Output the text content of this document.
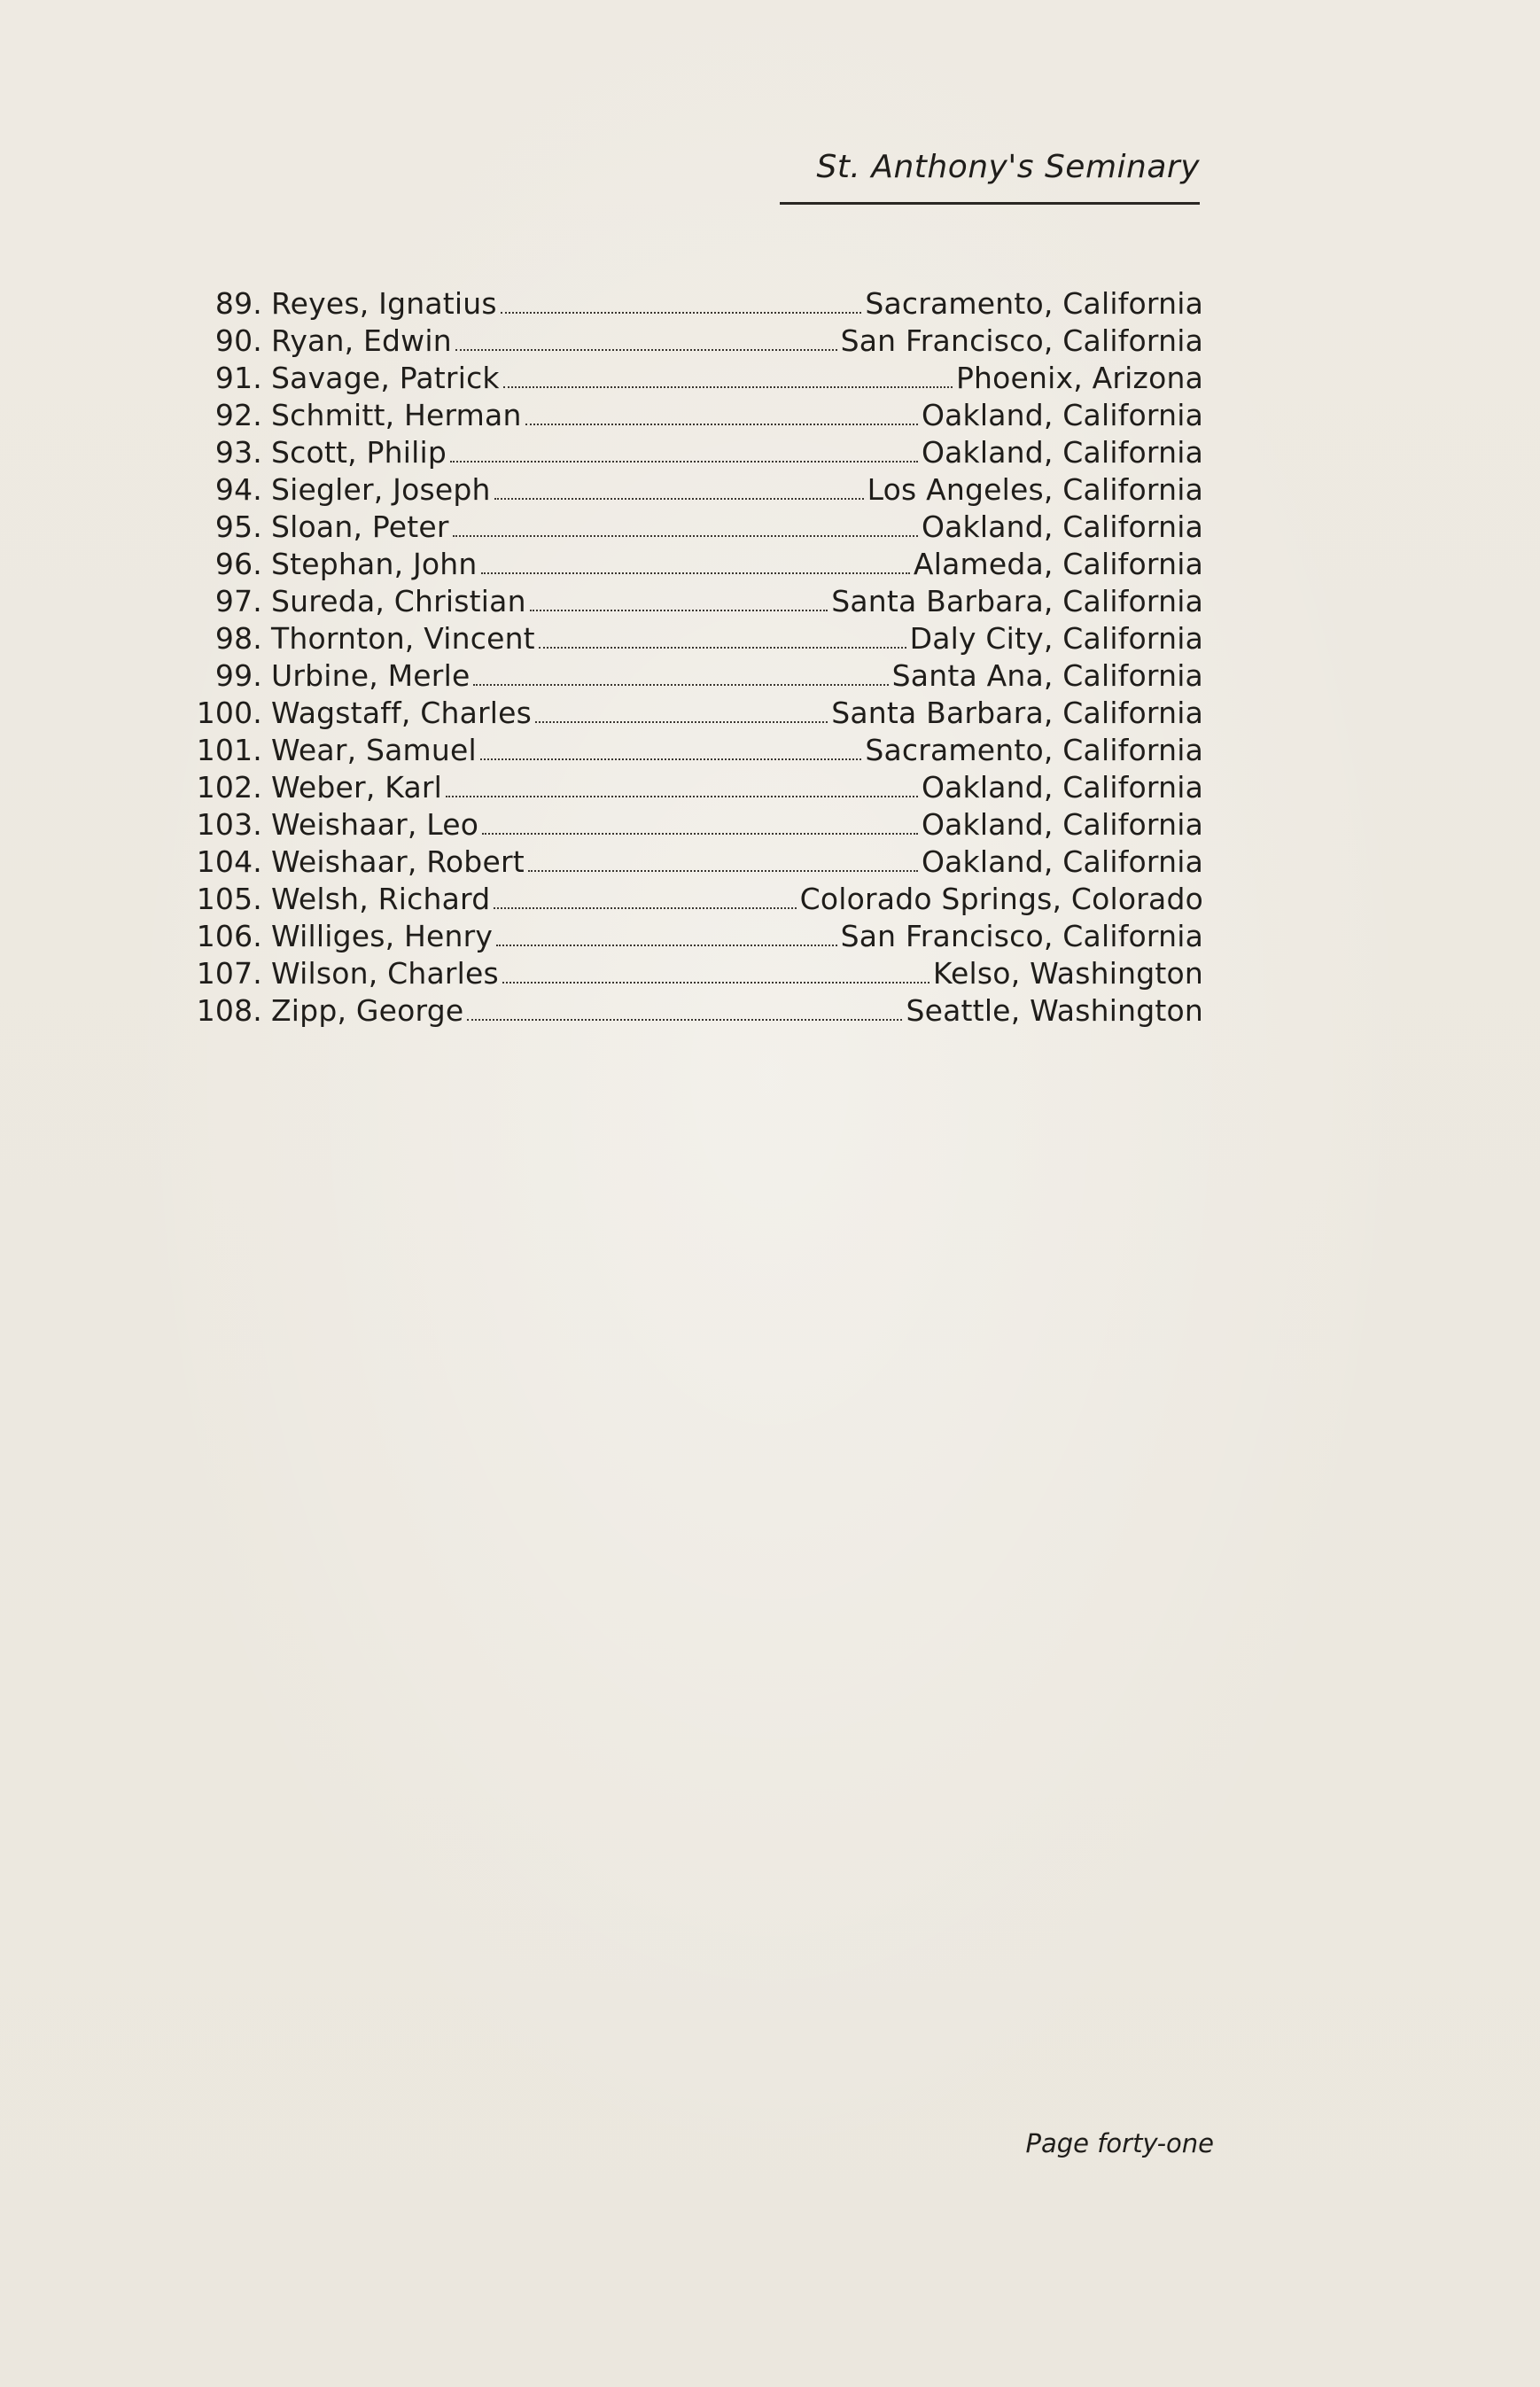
St. Anthony's Seminary
89. Reyes, Ignatius	Sacramento, California
90. Ryan, Edwin	San Francisco, California
91. Savage, Patrick	Phoenix, Arizona
92. Schmitt, Herman	Oakland, California
93. Scott, Philip	Oakland, California
94. Siegler, Joseph	Los Angeles, California
95. Sloan, Peter	Oakland, California
96. Stephan, John	Alameda, California
97. Sureda, Christian	Santa Barbara, California
98. Thornton, Vincent	Daly City, California
99. Urbine, Merle	Santa Ana, California
100. Wagstaff, Charles	Santa Barbara, California
101. Wear, Samuel	Sacramento, California
102. Weber, Karl	Oakland, California
103. Weishaar, Leo	Oakland, California
104. Weishaar, Robert	Oakland, California
105. Welsh, Richard	Colorado Springs, Colorado
106. Williges, Henry	San Francisco, California
107. Wilson, Charles	Kelso, Washington
108. Zipp, George	Seattle, Washington
Page forty-one
